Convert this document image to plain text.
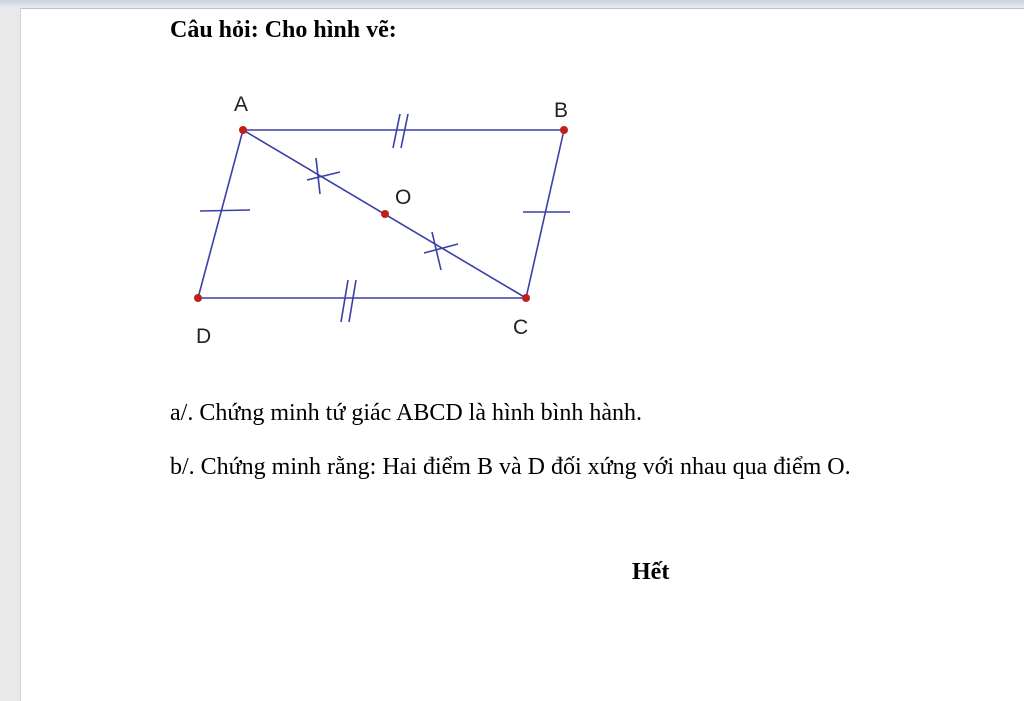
Câu hỏi: Cho hình vẽ:
A	B
C
D
O
a/. Chứng minh tứ giác ABCD là hình bình hành.
b/. Chứng minh rằng: Hai điểm B và D đối xứng với nhau qua điểm O.
Hết
